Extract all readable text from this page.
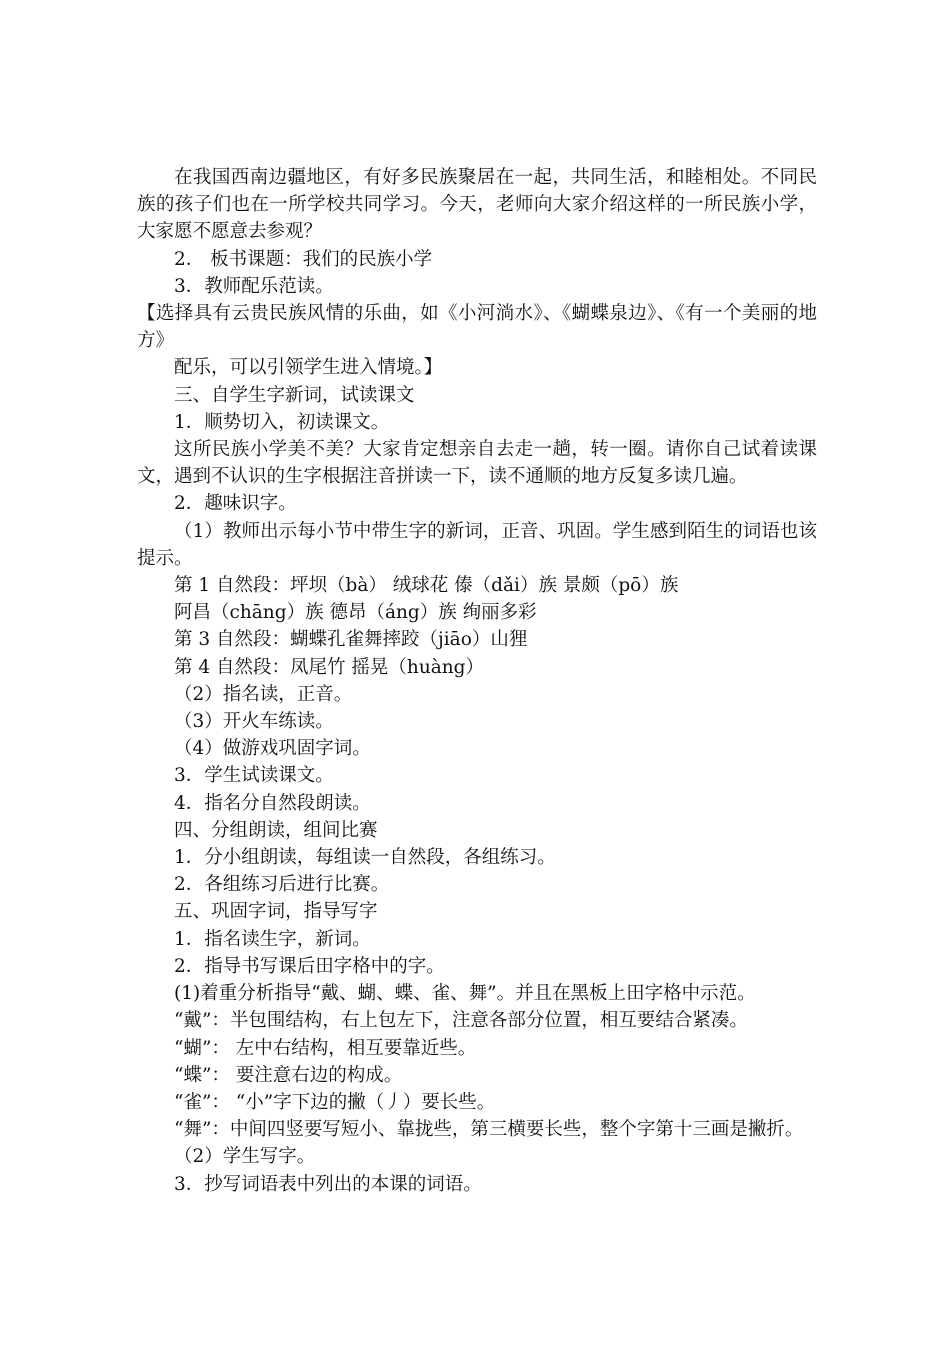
在我国西南边疆地区，有好多民族聚居在一起，共同生活，和睦相处。不同民族的孩子们也在一所学校共同学习。今天，老师向大家介绍这样的一所民族小学，大家愿不愿意去参观？

2． 板书课题：我们的民族小学

3．教师配乐范读。

【选择具有云贵民族风情的乐曲，如《小河淌水》、《蝴蝶泉边》、《有一个美丽的地方》

配乐，可以引领学生进入情境。】

三、自学生字新词，试读课文

1．顺势切入，初读课文。

这所民族小学美不美？大家肯定想亲自去走一趟，转一圈。请你自己试着读课文，遇到不认识的生字根据注音拼读一下，读不通顺的地方反复多读几遍。

2．趣味识字。

（1）教师出示每小节中带生字的新词，正音、巩固。学生感到陌生的词语也该提示。

第 1 自然段：坪坝（bà） 绒球花 傣（dǎi）族 景颇（pō）族

阿昌（chāng）族 德昂（áng）族 绚丽多彩

第 3 自然段：蝴蝶孔雀舞摔跤（jiāo）山狸

第 4 自然段：凤尾竹 摇晃（huàng）

（2）指名读，正音。

（3）开火车练读。

（4）做游戏巩固字词。

3．学生试读课文。

4．指名分自然段朗读。

四、分组朗读，组间比赛

1．分小组朗读，每组读一自然段，各组练习。

2．各组练习后进行比赛。

五、巩固字词，指导写字

1．指名读生字，新词。

2．指导书写课后田字格中的字。

(1)着重分析指导“戴、蝴、蝶、雀、舞”。并且在黑板上田字格中示范。

“戴”：半包围结构，右上包左下，注意各部分位置，相互要结合紧凑。

“蝴”： 左中右结构，相互要靠近些。

“蝶”： 要注意右边的构成。

“雀”： “小”字下边的撇（丿）要长些。

“舞”：中间四竖要写短小、靠拢些，第三横要长些，整个字第十三画是撇折。

（2）学生写字。

3．抄写词语表中列出的本课的词语。
